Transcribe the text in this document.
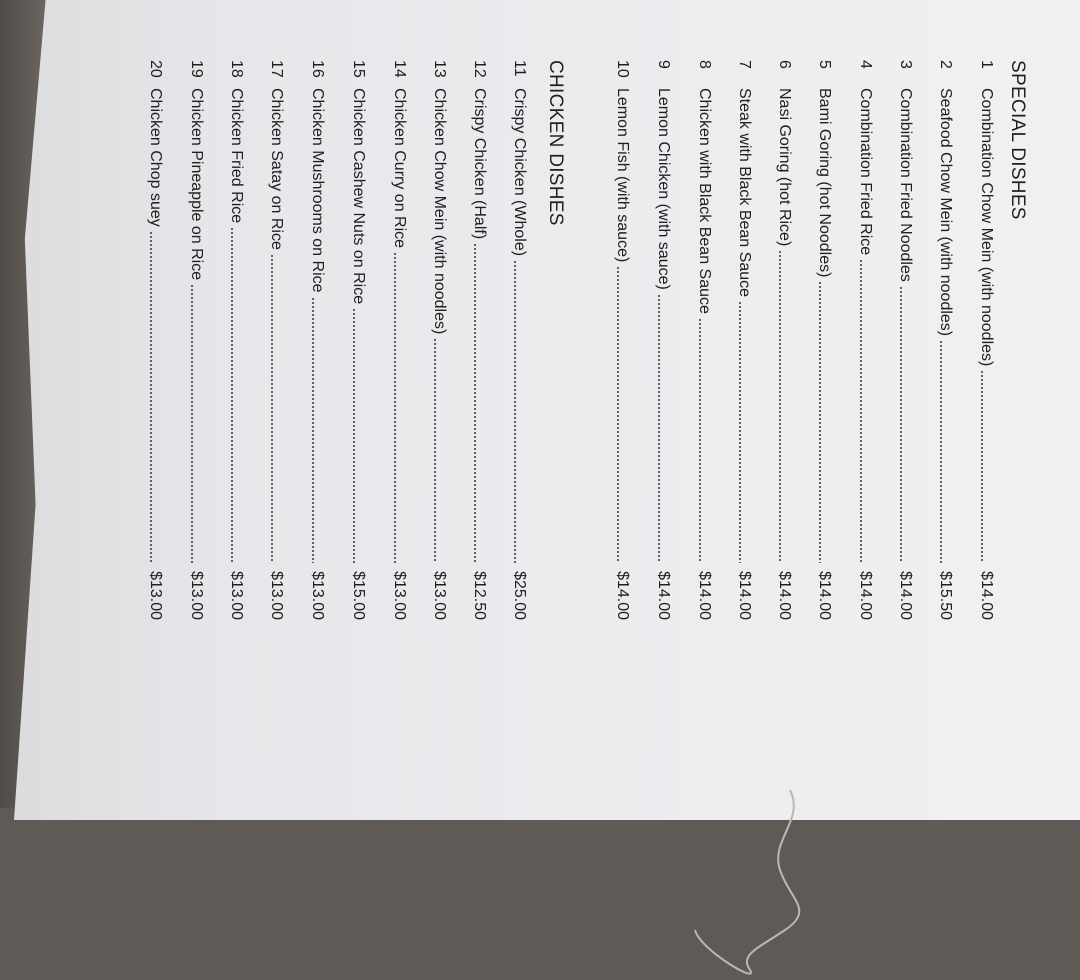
SPECIAL DISHES
1
Combination Chow Mein (with noodles)
$14.00
2
Seafood Chow Mein (with noodles)
$15.50
3
Combination Fried Noodles
$14.00
4
Combination Fried Rice
$14.00
5
Bami Goring (hot Noodles)
$14.00
6
Nasi Goring (hot Rice)
$14.00
7
Steak with Black Bean Sauce
$14.00
8
Chicken with Black Bean Sauce
$14.00
9
Lemon Chicken (with sauce)
$14.00
10
Lemon Fish (with sauce)
$14.00
CHICKEN DISHES
11
Crispy Chicken (Whole)
$25.00
12
Crispy Chicken (Half)
$12.50
13
Chicken Chow Mein (with noodles)
$13.00
14
Chicken Curry on Rice
$13.00
15
Chicken Cashew Nuts on Rice
$15.00
16
Chicken Mushrooms on Rice
$13.00
17
Chicken Satay on Rice
$13.00
18
Chicken Fried Rice
$13.00
19
Chicken Pineapple on Rice
$13.00
20
Chicken Chop suey
$13.00
